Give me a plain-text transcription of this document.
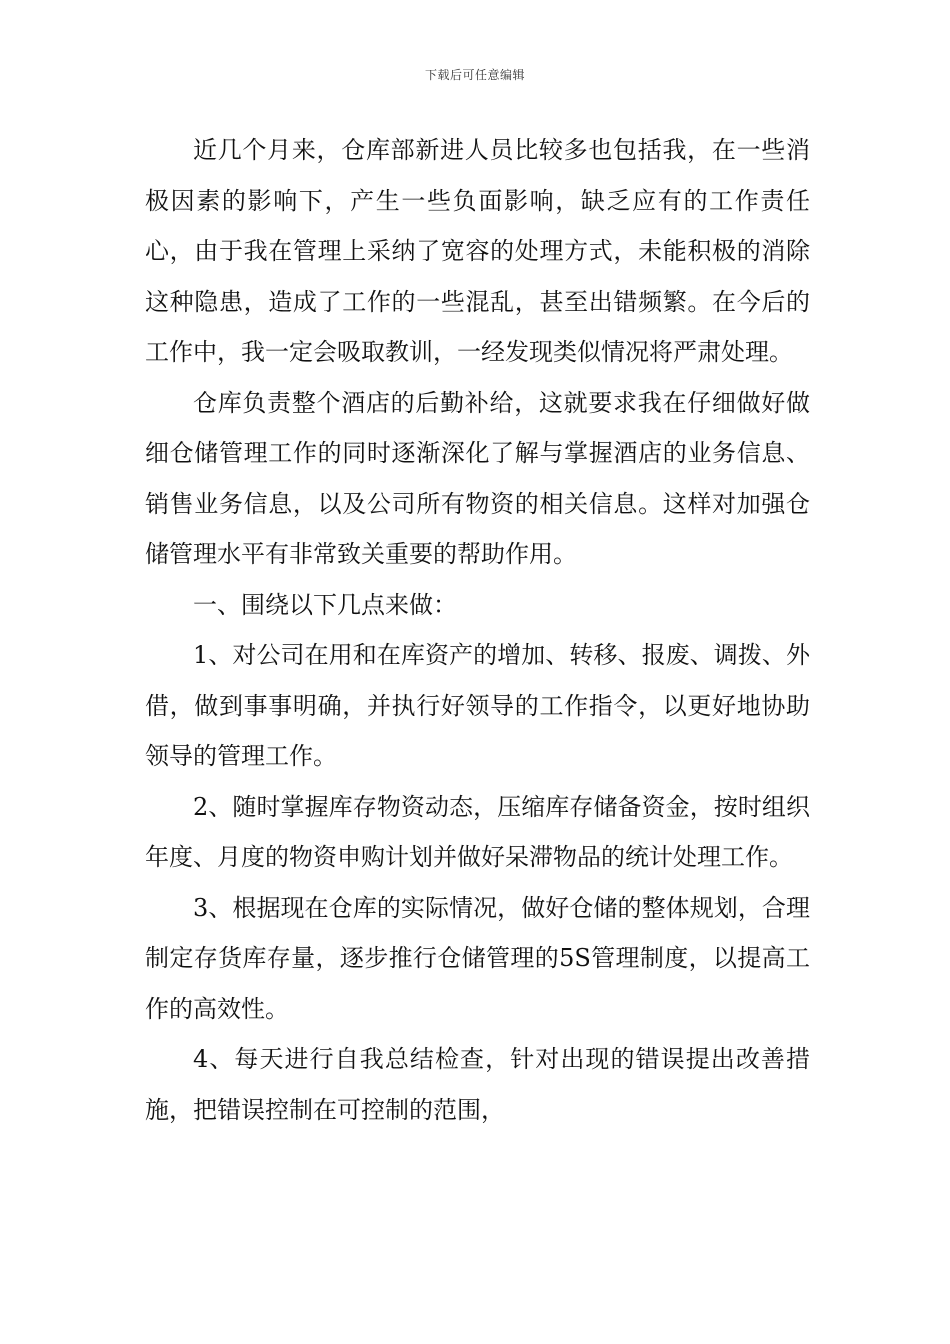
下载后可任意编辑

近几个月来，仓库部新进人员比较多也包括我，在一些消极因素的影响下，产生一些负面影响，缺乏应有的工作责任心，由于我在管理上采纳了宽容的处理方式，未能积极的消除这种隐患，造成了工作的一些混乱，甚至出错频繁。在今后的工作中，我一定会吸取教训，一经发现类似情况将严肃处理。

仓库负责整个酒店的后勤补给，这就要求我在仔细做好做细仓储管理工作的同时逐渐深化了解与掌握酒店的业务信息、销售业务信息，以及公司所有物资的相关信息。这样对加强仓储管理水平有非常致关重要的帮助作用。

一、围绕以下几点来做：

1、对公司在用和在库资产的增加、转移、报废、调拨、外借，做到事事明确，并执行好领导的工作指令，以更好地协助领导的管理工作。

2、随时掌握库存物资动态，压缩库存储备资金，按时组织年度、月度的物资申购计划并做好呆滞物品的统计处理工作。

3、根据现在仓库的实际情况，做好仓储的整体规划，合理制定存货库存量，逐步推行仓储管理的5S管理制度，以提高工作的高效性。

4、每天进行自我总结检查，针对出现的错误提出改善措施，把错误控制在可控制的范围，
